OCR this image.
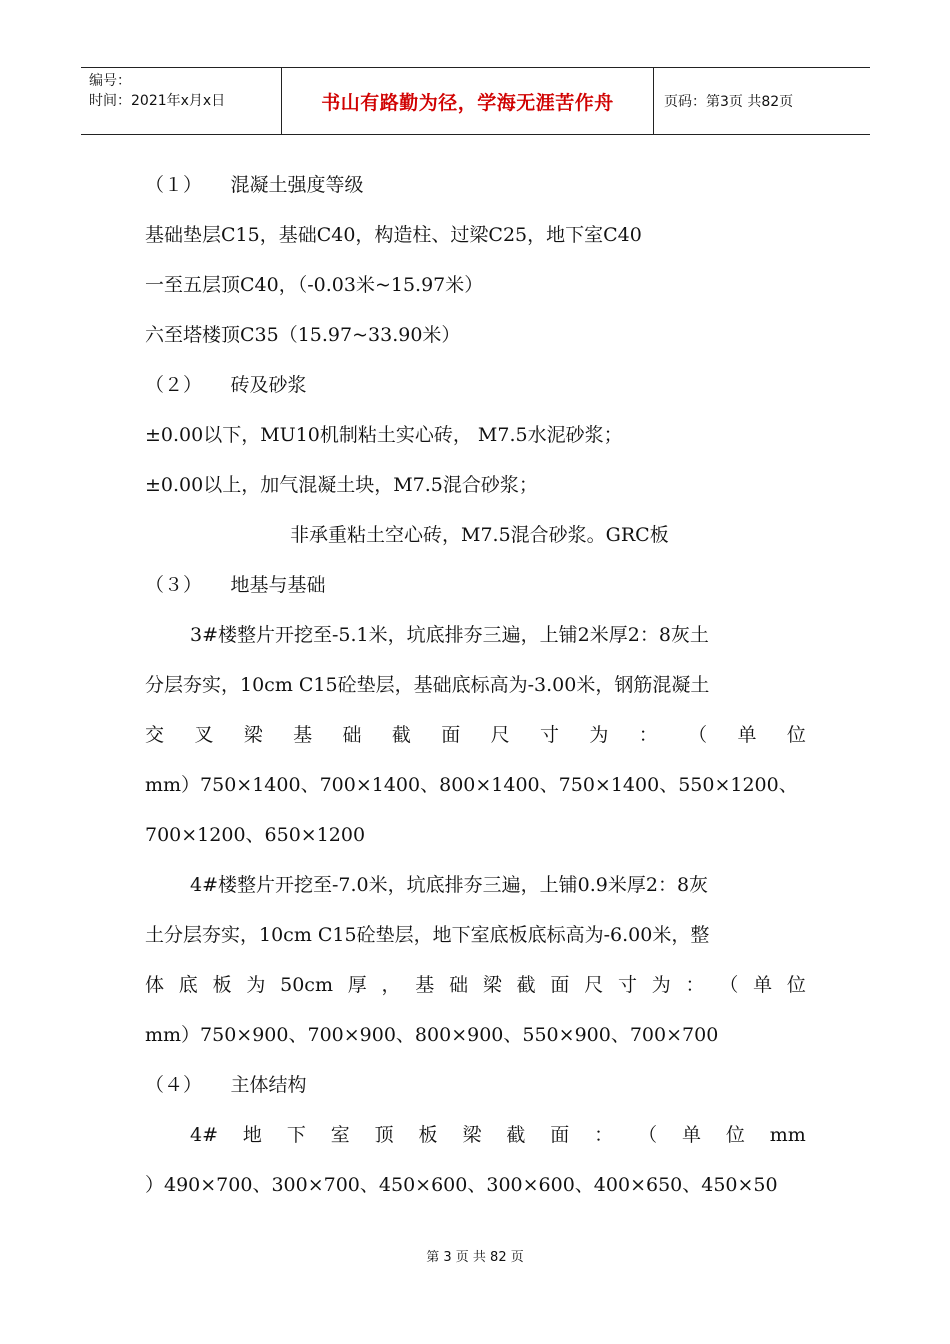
编号：
时间：2021年x月x日	书山有路勤为径，学海无涯苦作舟	页码：第3页 共82页
（１）　　混凝土强度等级
基础垫层C15，基础C40，构造柱、过梁C25，地下室C40
一至五层顶C40，（-0.03米~15.97米）
六至塔楼顶C35（15.97~33.90米）
（２）　　砖及砂浆
±0.00以下，MU10机制粘土实心砖， M7.5水泥砂浆；
±0.00以上，加气混凝土块，M7.5混合砂浆；
非承重粘土空心砖，M7.5混合砂浆。GRC板
（３）　　地基与基础
3#楼整片开挖至-5.1米，坑底排夯三遍，上铺2米厚2：8灰土
分层夯实，10cm C15砼垫层，基础底标高为-3.00米，钢筋混凝土
交 叉 梁 基 础 截 面 尺 寸 为 ： （ 单 位
mm）750×1400、700×1400、800×1400、750×1400、550×1200、
700×1200、650×1200
4#楼整片开挖至-7.0米，坑底排夯三遍，上铺0.9米厚2：8灰
土分层夯实，10cm C15砼垫层，地下室底板底标高为-6.00米，整
体 底 板 为 50cm 厚 ， 基 础 梁 截 面 尺 寸 为 ： （ 单 位
mm）750×900、700×900、800×900、550×900、700×700
（４）　　主体结构
4# 地 下 室 顶 板 梁 截 面 ： （ 单 位 mm
）490×700、300×700、450×600、300×600、400×650、450×50
第 3 页 共 82 页
